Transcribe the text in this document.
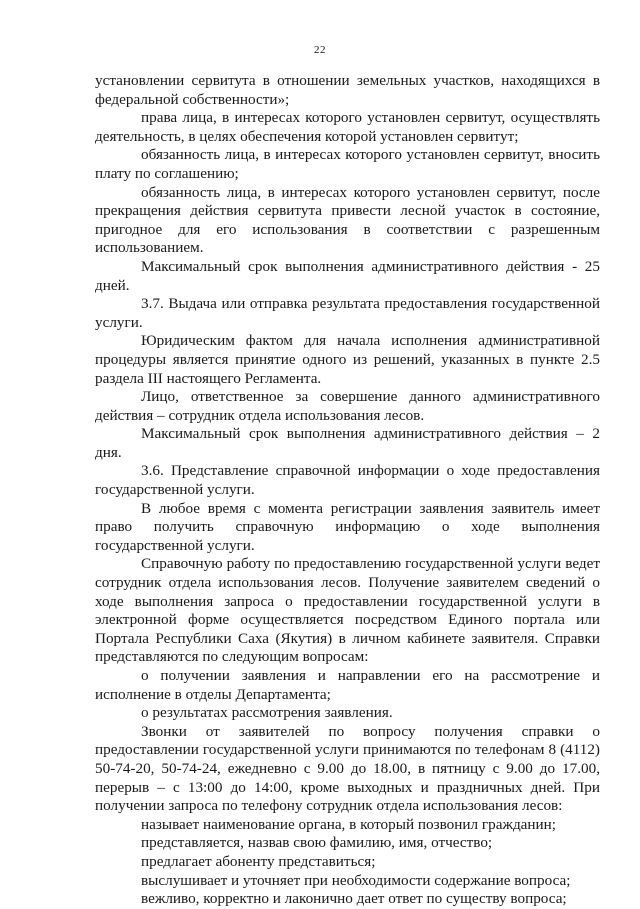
22

установлении сервитута в отношении земельных участков, находящихся в федеральной собственности»;

права лица, в интересах которого установлен сервитут, осуществлять деятельность, в целях обеспечения которой установлен сервитут;

обязанность лица, в интересах которого установлен сервитут, вносить плату по соглашению;

обязанность лица, в интересах которого установлен сервитут, после прекращения действия сервитута привести лесной участок в состояние, пригодное для его использования в соответствии с разрешенным использованием.

Максимальный срок выполнения административного действия - 25 дней.

3.7. Выдача или отправка результата предоставления государственной услуги.

Юридическим фактом для начала исполнения административной процедуры является принятие одного из решений, указанных в пункте 2.5 раздела III настоящего Регламента.

Лицо, ответственное за совершение данного административного действия – сотрудник отдела использования лесов.

Максимальный срок выполнения административного действия – 2 дня.

3.6. Представление справочной информации о ходе предоставления государственной услуги.

В любое время с момента регистрации заявления заявитель имеет право получить справочную информацию о ходе выполнения государственной услуги.

Справочную работу по предоставлению государственной услуги ведет сотрудник отдела использования лесов. Получение заявителем сведений о ходе выполнения запроса о предоставлении государственной услуги в электронной форме осуществляется посредством Единого портала или Портала Республики Саха (Якутия) в личном кабинете заявителя. Справки представляются по следующим вопросам:

о получении заявления и направлении его на рассмотрение и исполнение в отделы Департамента;

о результатах рассмотрения заявления.

Звонки от заявителей по вопросу получения справки о предоставлении государственной услуги принимаются по телефонам 8 (4112) 50-74-20, 50-74-24, ежедневно с 9.00 до 18.00, в пятницу с 9.00 до 17.00, перерыв – с 13:00 до 14:00, кроме выходных и праздничных дней. При получении запроса по телефону сотрудник отдела использования лесов:

называет наименование органа, в который позвонил гражданин;

представляется, назвав свою фамилию, имя, отчество;

предлагает абоненту представиться;

выслушивает и уточняет при необходимости содержание вопроса;

вежливо, корректно и лаконично дает ответ по существу вопроса;
